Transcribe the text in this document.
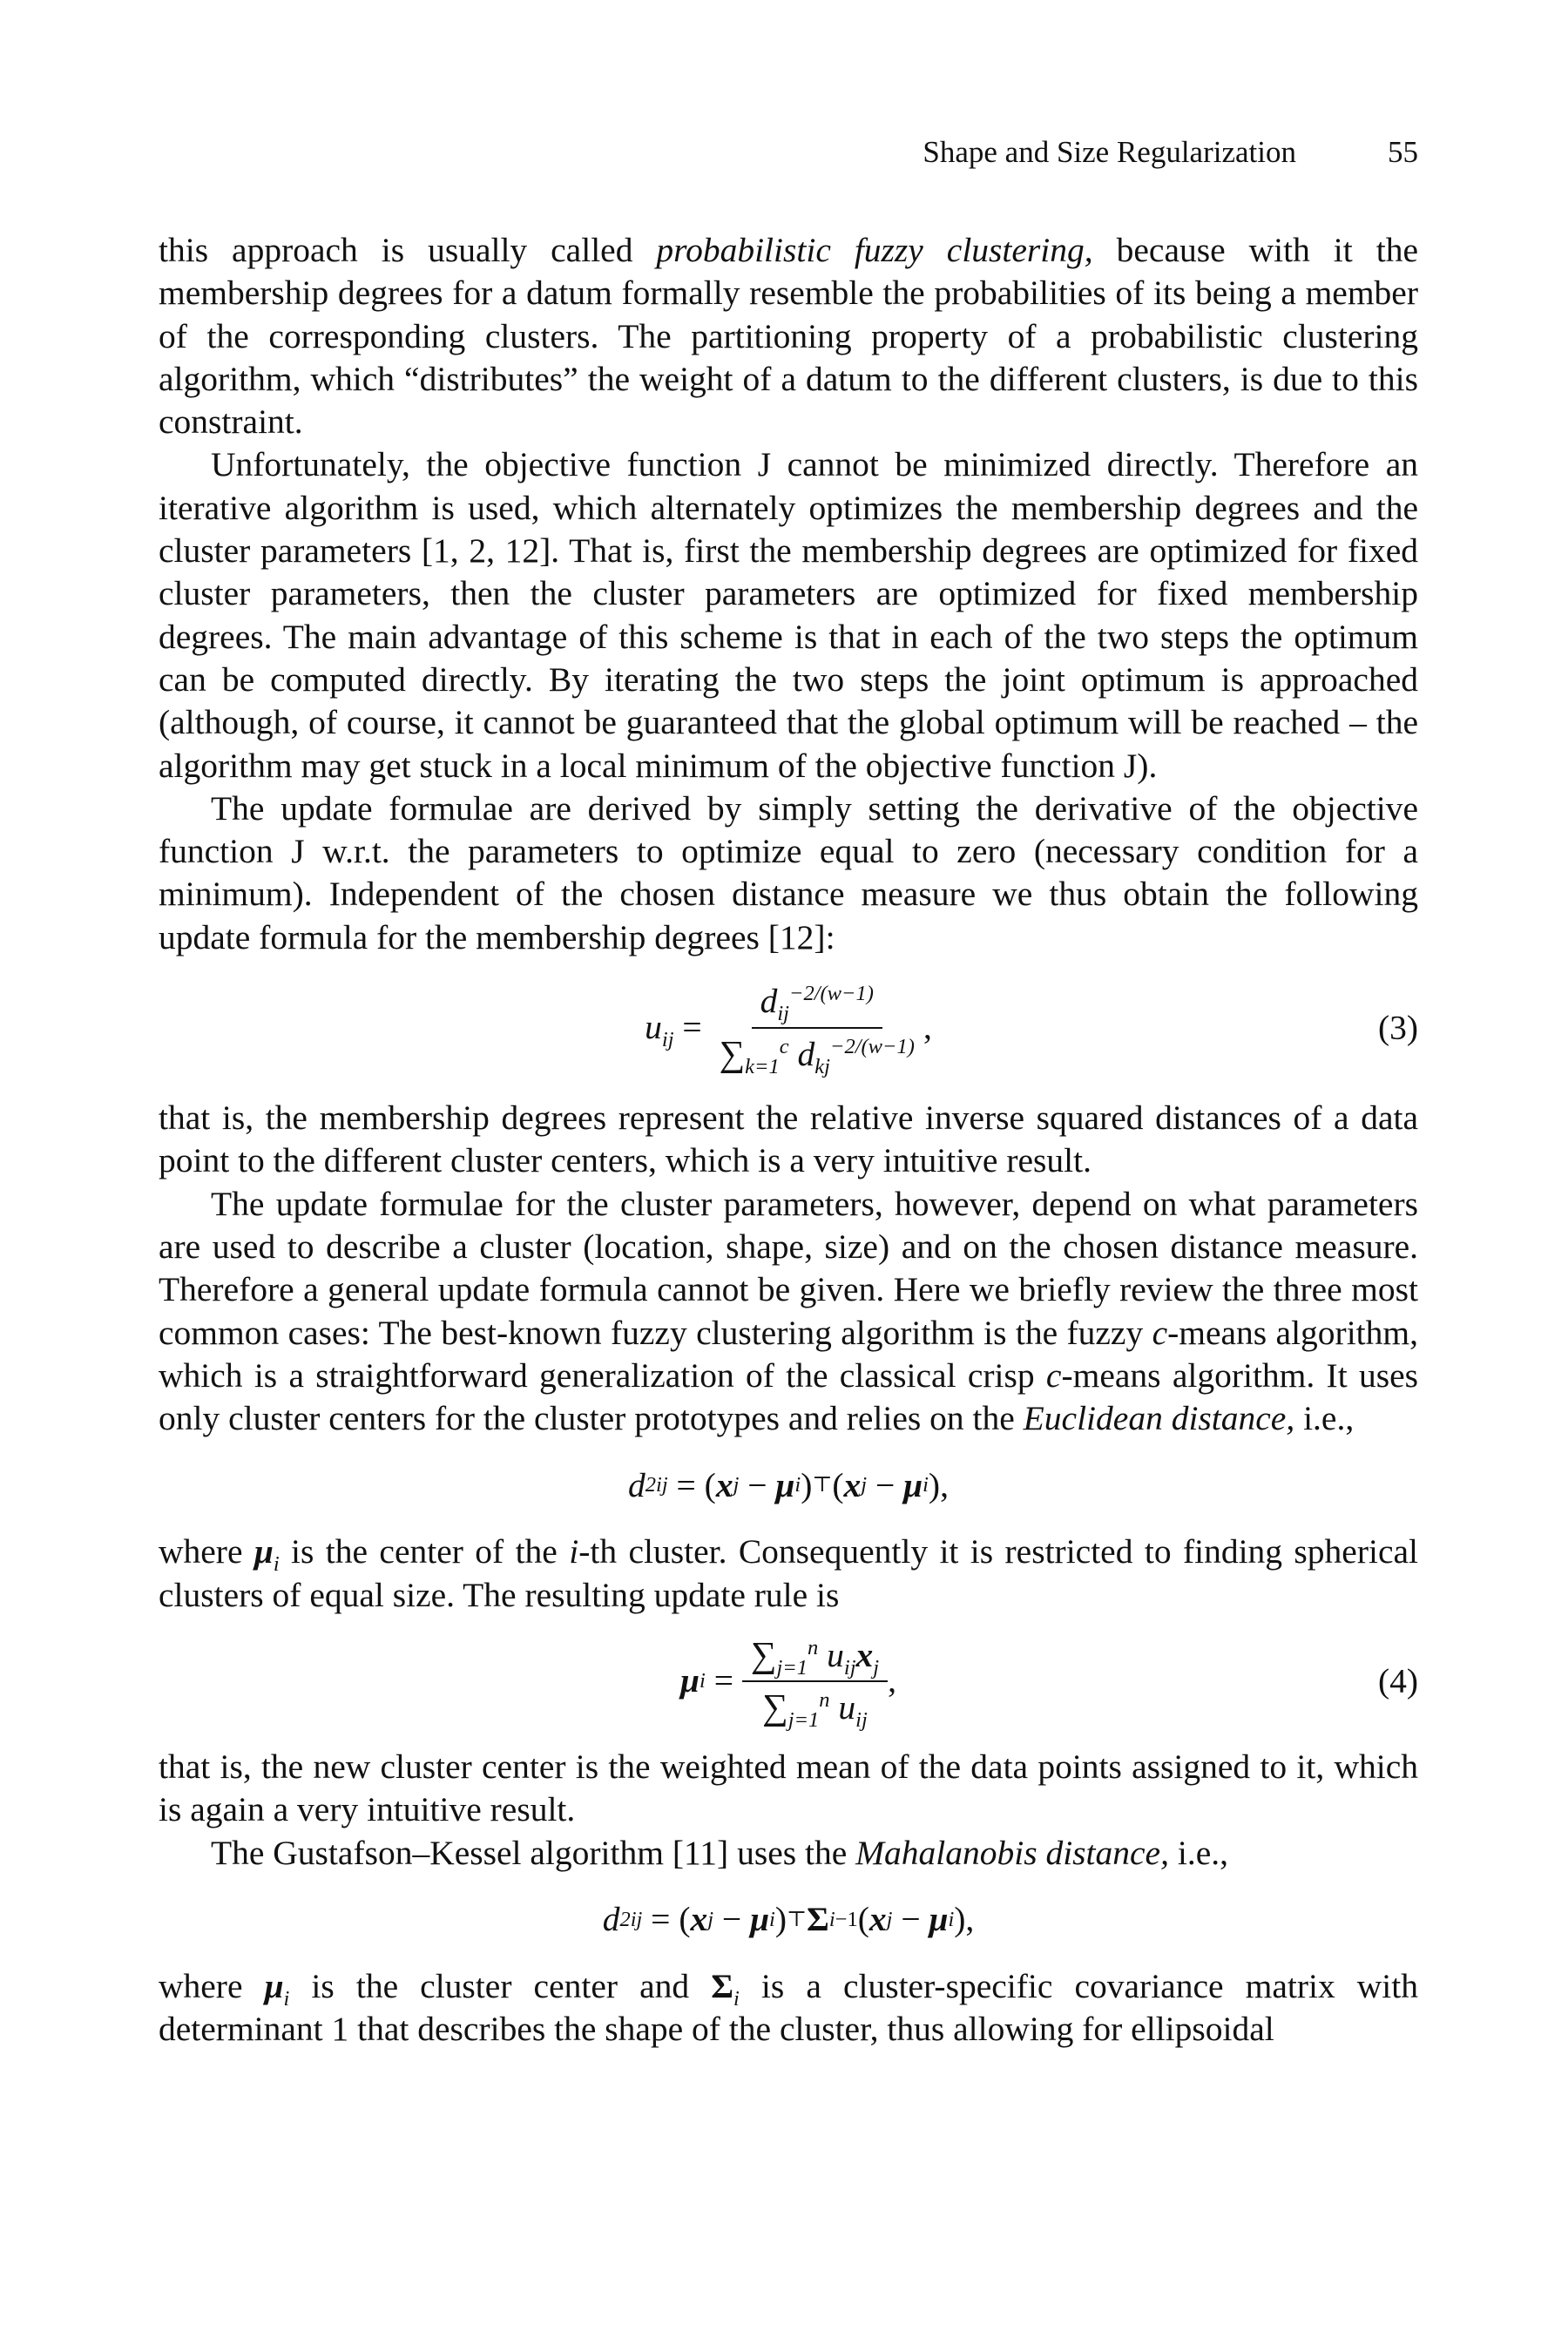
Shape and Size Regularization	55

this approach is usually called probabilistic fuzzy clustering, because with it the membership degrees for a datum formally resemble the probabilities of its being a member of the corresponding clusters. The partitioning property of a probabilistic clustering algorithm, which “distributes” the weight of a datum to the different clusters, is due to this constraint.

Unfortunately, the objective function J cannot be minimized directly. Therefore an iterative algorithm is used, which alternately optimizes the membership degrees and the cluster parameters [1, 2, 12]. That is, first the membership degrees are optimized for fixed cluster parameters, then the cluster parameters are optimized for fixed membership degrees. The main advantage of this scheme is that in each of the two steps the optimum can be computed directly. By iterating the two steps the joint optimum is approached (although, of course, it cannot be guaranteed that the global optimum will be reached – the algorithm may get stuck in a local minimum of the objective function J).

The update formulae are derived by simply setting the derivative of the objective function J w.r.t. the parameters to optimize equal to zero (necessary condition for a minimum). Independent of the chosen distance measure we thus obtain the following update formula for the membership degrees [12]:

$u_{ij} = \frac{d_{ij}^{-2/(w-1)}}{\sum_{k=1}^c d_{kj}^{-2/(w-1)}}$ ,	(3)

that is, the membership degrees represent the relative inverse squared distances of a data point to the different cluster centers, which is a very intuitive result.

The update formulae for the cluster parameters, however, depend on what parameters are used to describe a cluster (location, shape, size) and on the chosen distance measure. Therefore a general update formula cannot be given. Here we briefly review the three most common cases: The best-known fuzzy clustering algorithm is the fuzzy c-means algorithm, which is a straightforward generalization of the classical crisp c-means algorithm. It uses only cluster centers for the cluster prototypes and relies on the Euclidean distance, i.e.,

d 2 ij
=
( x j
−
μ i ) ⊤ ( x j
−
μ i ),

where $\mu_i$ is the center of the i-th cluster. Consequently it is restricted to finding spherical clusters of equal size. The resulting update rule is

μ i
=
$\frac{\sum_{j=1}^n u_{ij}x_j}{\sum_{j=1}^n u_{ij}}$ ,	(4)

that is, the new cluster center is the weighted mean of the data points assigned to it, which is again a very intuitive result.

The Gustafson–Kessel algorithm [11] uses the Mahalanobis distance, i.e.,

d 2 ij
=
( x j
−
μ i ) ⊤ Σ i −1 ( x j
−
μ i ),

where $\mu_i$ is the cluster center and $\Sigma_i$ is a cluster-specific covariance matrix with determinant 1 that describes the shape of the cluster, thus allowing for ellipsoidal
